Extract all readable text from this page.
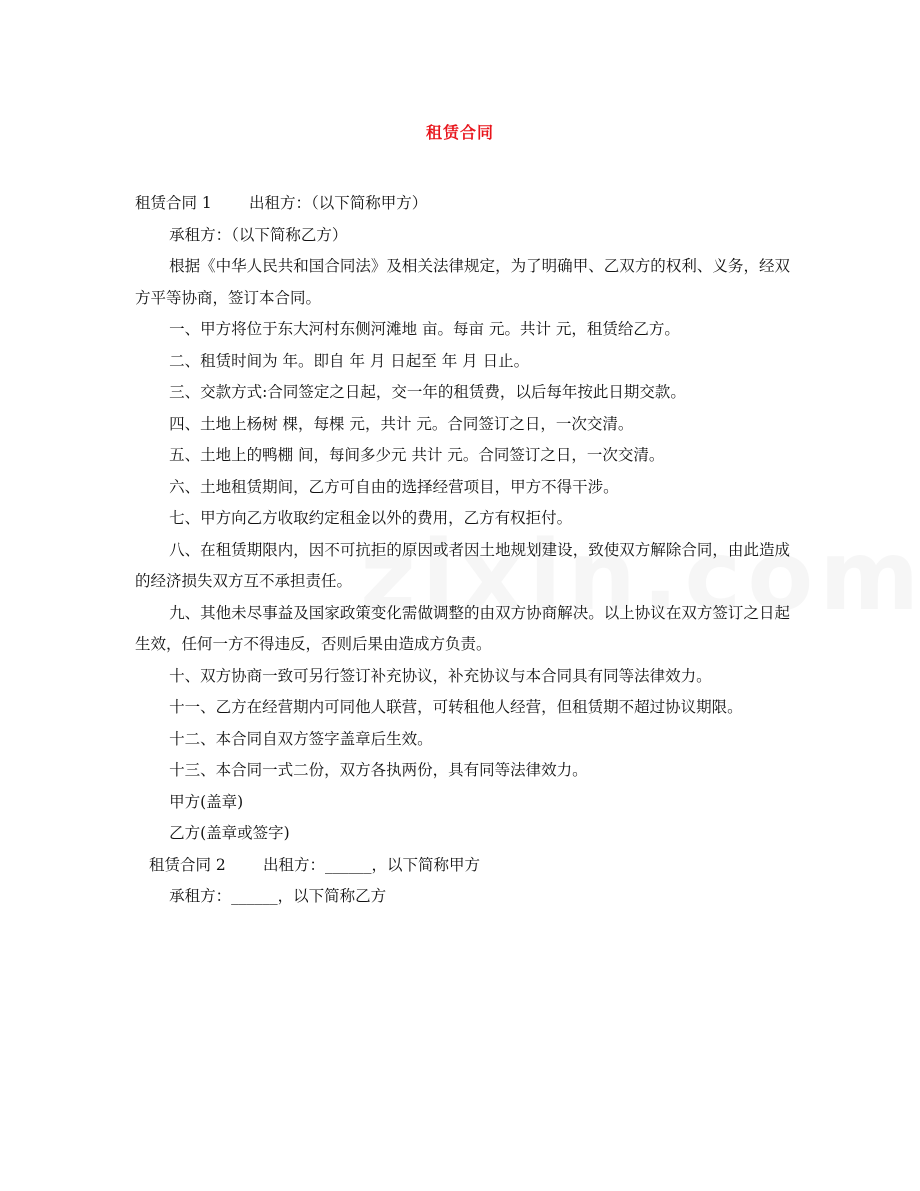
租赁合同

租赁合同 1 出租方：（以下简称甲方）

承租方：（以下简称乙方）

根据《中华人民共和国合同法》及相关法律规定，为了明确甲、乙双方的权利、义务，经双方平等协商，签订本合同。

一、甲方将位于东大河村东侧河滩地 亩。每亩 元。共计 元，租赁给乙方。

二、租赁时间为 年。即自 年 月 日起至 年 月 日止。

三、交款方式:合同签定之日起，交一年的租赁费，以后每年按此日期交款。

四、土地上杨树 棵，每棵 元，共计 元。合同签订之日，一次交清。

五、土地上的鸭棚 间，每间多少元 共计 元。合同签订之日，一次交清。

六、土地租赁期间，乙方可自由的选择经营项目，甲方不得干涉。

七、甲方向乙方收取约定租金以外的费用，乙方有权拒付。

八、在租赁期限内，因不可抗拒的原因或者因土地规划建设，致使双方解除合同，由此造成的经济损失双方互不承担责任。

九、其他未尽事益及国家政策变化需做调整的由双方协商解决。以上协议在双方签订之日起生效，任何一方不得违反，否则后果由造成方负责。

十、双方协商一致可另行签订补充协议，补充协议与本合同具有同等法律效力。

十一、乙方在经营期内可同他人联营，可转租他人经营，但租赁期不超过协议期限。

十二、本合同自双方签字盖章后生效。

十三、本合同一式二份，双方各执两份，具有同等法律效力。

甲方(盖章)

乙方(盖章或签字)

租赁合同 2 出租方：______，以下简称甲方

承租方：______，以下简称乙方
